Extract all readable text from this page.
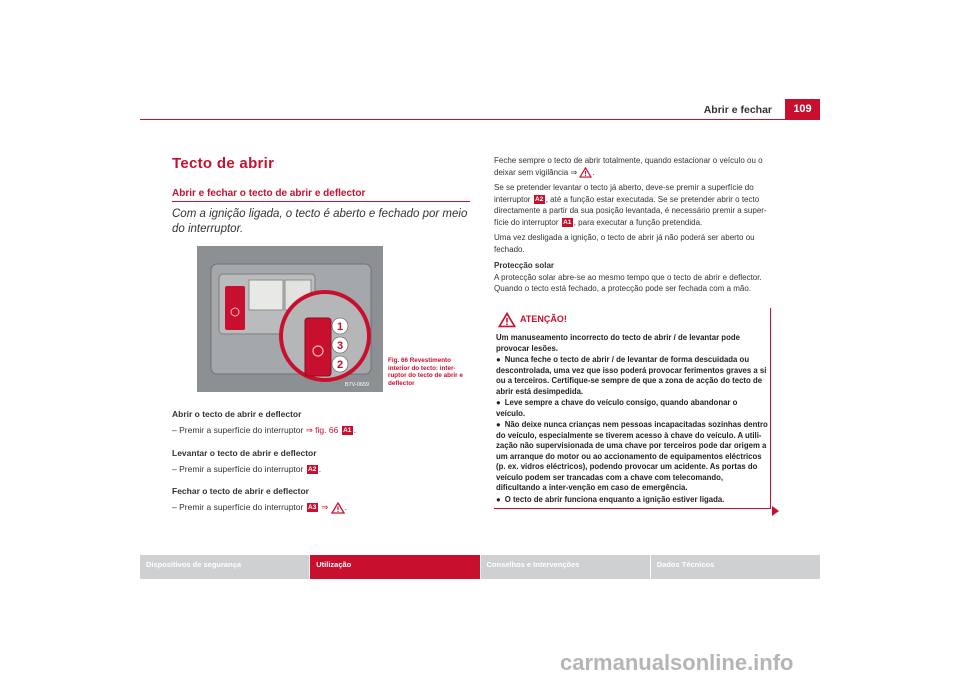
Abrir e fechar	109
Tecto de abrir
Abrir e fechar o tecto de abrir e deflector
Com a ignição ligada, o tecto é aberto e fechado por meio do interruptor.
1
3
2
B7V-0659
Fig. 66 Revestimento interior do tecto: inter-ruptor do tecto de abrir e deflector
Abrir o tecto de abrir e deflector
– Premir a superfície do interruptor ⇒ fig. 66 A1 .
Levantar o tecto de abrir e deflector
– Premir a superfície do interruptor A2 .
Fechar o tecto de abrir e deflector
– Premir a superfície do interruptor A3 ⇒ .
Feche sempre o tecto de abrir totalmente, quando estacionar o veículo ou o
deixar sem vigilância ⇒ .
Se se pretender levantar o tecto já aberto, deve-se premir a superfície do
interruptor A2 , até a função estar executada. Se se pretender abrir o tecto
directamente a partir da sua posição levantada, é necessário premir a super-
fície do interruptor A1 , para executar a função pretendida.
Uma vez desligada a ignição, o tecto de abrir já não poderá ser aberto ou
fechado.
Protecção solar
A protecção solar abre-se ao mesmo tempo que o tecto de abrir e deflector.
Quando o tecto está fechado, a protecção pode ser fechada com a mão.
ATENÇÃO!

Um manuseamento incorrecto do tecto de abrir / de levantar pode provocar lesões.

● Nunca feche o tecto de abrir / de levantar de forma descuidada ou descontrolada, uma vez que isso poderá provocar ferimentos graves a si ou a terceiros. Certifique-se sempre de que a zona de acção do tecto de abrir está desimpedida.

● Leve sempre a chave do veículo consigo, quando abandonar o veículo.

● Não deixe nunca crianças nem pessoas incapacitadas sozinhas dentro do veículo, especialmente se tiverem acesso à chave do veículo. A utili-zação não supervisionada de uma chave por terceiros pode dar origem a um arranque do motor ou ao accionamento de equipamentos eléctricos (p. ex. vidros eléctricos), podendo provocar um acidente. As portas do veículo podem ser trancadas com a chave com telecomando, dificultando a inter-venção em caso de emergência.

● O tecto de abrir funciona enquanto a ignição estiver ligada.

Dispositivos de segurança	Utilização	Conselhos e Intervenções	Dados Técnicos
carmanualsonline.info
